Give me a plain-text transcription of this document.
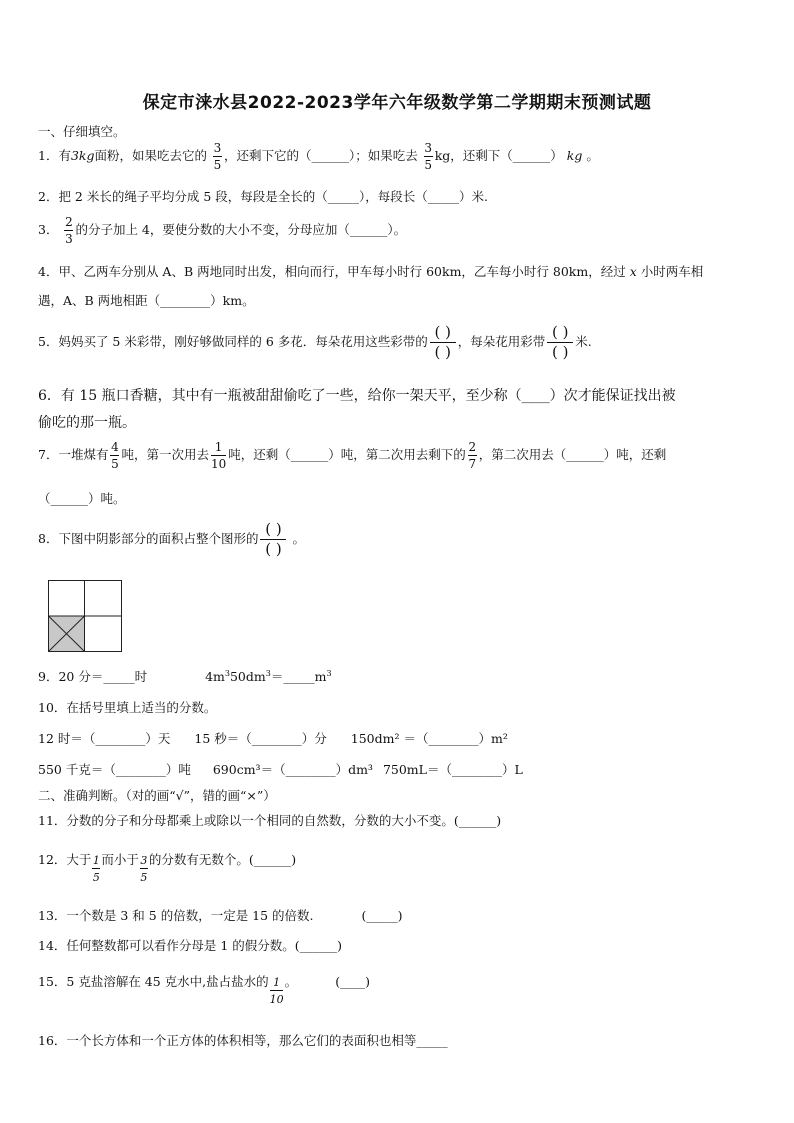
保定市涞水县2022-2023学年六年级数学第二学期期末预测试题
一、仔细填空。
1．有3kg面粉，如果吃去它的 $\frac{3}{5}$ ，还剩下它的（______）；如果吃去 $\frac{3}{5}$ kg，还剩下（______） kg 。
2．把 2 米长的绳子平均分成 5 段，每段是全长的（_____），每段长（_____）米.
3． $\frac{2}{3}$ 的分子加上 4，要使分数的大小不变，分母应加（______）。
4．甲、乙两车分别从 A、B 两地同时出发，相向而行，甲车每小时行 60km，乙车每小时行 80km，经过 x 小时两车相
遇，A、B 两地相距（________）km。
5．妈妈买了 5 米彩带，刚好够做同样的 6 多花．每朵花用这些彩带的 $\frac{( )}{( )}$ ，每朵花用彩带 $\frac{( )}{( )}$ 米.
6．有 15 瓶口香糖，其中有一瓶被甜甜偷吃了一些，给你一架天平，至少称（____）次才能保证找出被
偷吃的那一瓶。
7．一堆煤有 $\frac{4}{5}$ 吨，第一次用去 $\frac{1}{10}$ 吨，还剩（______）吨，第二次用去剩下的 $\frac{2}{7}$ ，第二次用去（______）吨，还剩
（______）吨。
8．下图中阴影部分的面积占整个图形的 $\frac{( )}{( )}$ 。
9．20 分＝_____时	$4m^350dm^3=\_\_\_\_\_m^3$
10．在括号里填上适当的分数。
12 时＝（________）天 15 秒＝（________）分 150dm² ＝（________）m²
550 千克＝（________）吨 690cm³＝（________）dm³ 750mL＝（________）L
二、准确判断。（对的画“√”，错的画“×”）
11．分数的分子和分母都乘上或除以一个相同的自然数，分数的大小不变。(______)
12．大于 $\frac{1}{5}$ 而小于 $\frac{3}{5}$ 的分数有无数个。(______)
13．一个数是 3 和 5 的倍数，一定是 15 的倍数.	(_____)
14．任何整数都可以看作分母是 1 的假分数。(______)
15．5 克盐溶解在 45 克水中,盐占盐水的 $\frac{1}{10}$ 。	(____)
16．一个长方体和一个正方体的体积相等，那么它们的表面积也相等_____
